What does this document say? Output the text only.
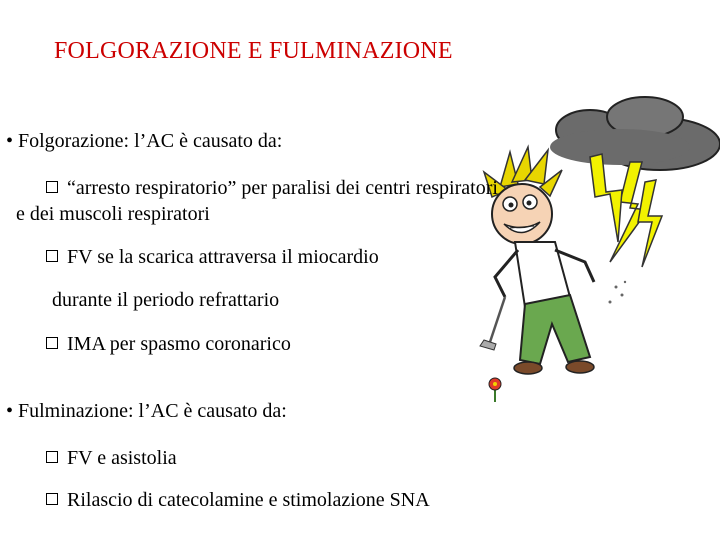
FOLGORAZIONE E FULMINAZIONE
• Folgorazione: l’AC è causato da:
“arresto respiratorio” per paralisi dei centri respiratori
e dei muscoli respiratori
FV se la scarica attraversa il miocardio
durante il periodo refrattario
IMA per spasmo coronarico
• Fulminazione: l’AC è causato da:
FV e asistolia
Rilascio di catecolamine e stimolazione SNA
